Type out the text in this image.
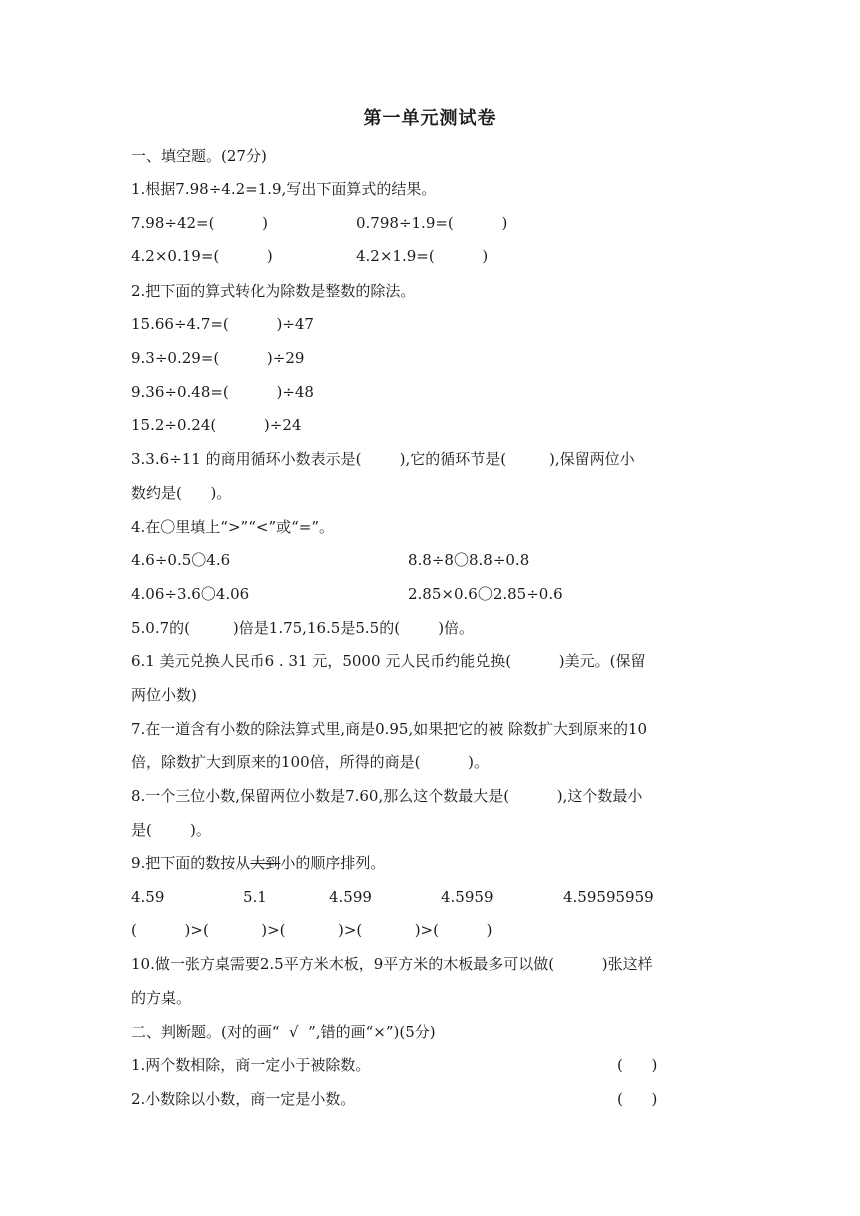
第一单元测试卷
一、填空题。(27分)
1.根据7.98÷4.2=1.9,写出下面算式的结果。
7.98÷42=(          )	0.798÷1.9=(          )
4.2×0.19=(          )	4.2×1.9=(          )
2.把下面的算式转化为除数是整数的除法。
15.66÷4.7=(          )÷47
9.3÷0.29=(          )÷29
9.36÷0.48=(          )÷48
15.2÷0.24(          )÷24
3.3.6÷11 的商用循环小数表示是(        ),它的循环节是(         ),保留两位小
数约是(      )。
4.在〇里填上“>”“<”或“=”。
4.6÷0.5〇4.6	8.8÷8〇8.8÷0.8
4.06÷3.6〇4.06	2.85×0.6〇2.85÷0.6
5.0.7的(         )倍是1.75,16.5是5.5的(        )倍。
6.1 美元兑换人民币6 . 31 元，5000 元人民币约能兑换(          )美元。(保留
两位小数)
7.在一道含有小数的除法算式里,商是0.95,如果把它的被 除数扩大到原来的10
倍，除数扩大到原来的100倍，所得的商是(          )。
8.一个三位小数,保留两位小数是7.60,那么这个数最大是(          ),这个数最小
是(        )。
9.把下面的数按从大到小的顺序排列。
4.59	5.1	4.599	4.5959	4.59595959
(          )>(           )>(           )>(           )>(          )
10.做一张方桌需要2.5平方米木板，9平方米的木板最多可以做(          )张这样
的方桌。
二、判断题。(对的画“  √  ”,错的画“×”)(5分)
1.两个数相除，商一定小于被除数。	(      )
2.小数除以小数，商一定是小数。	(      )
